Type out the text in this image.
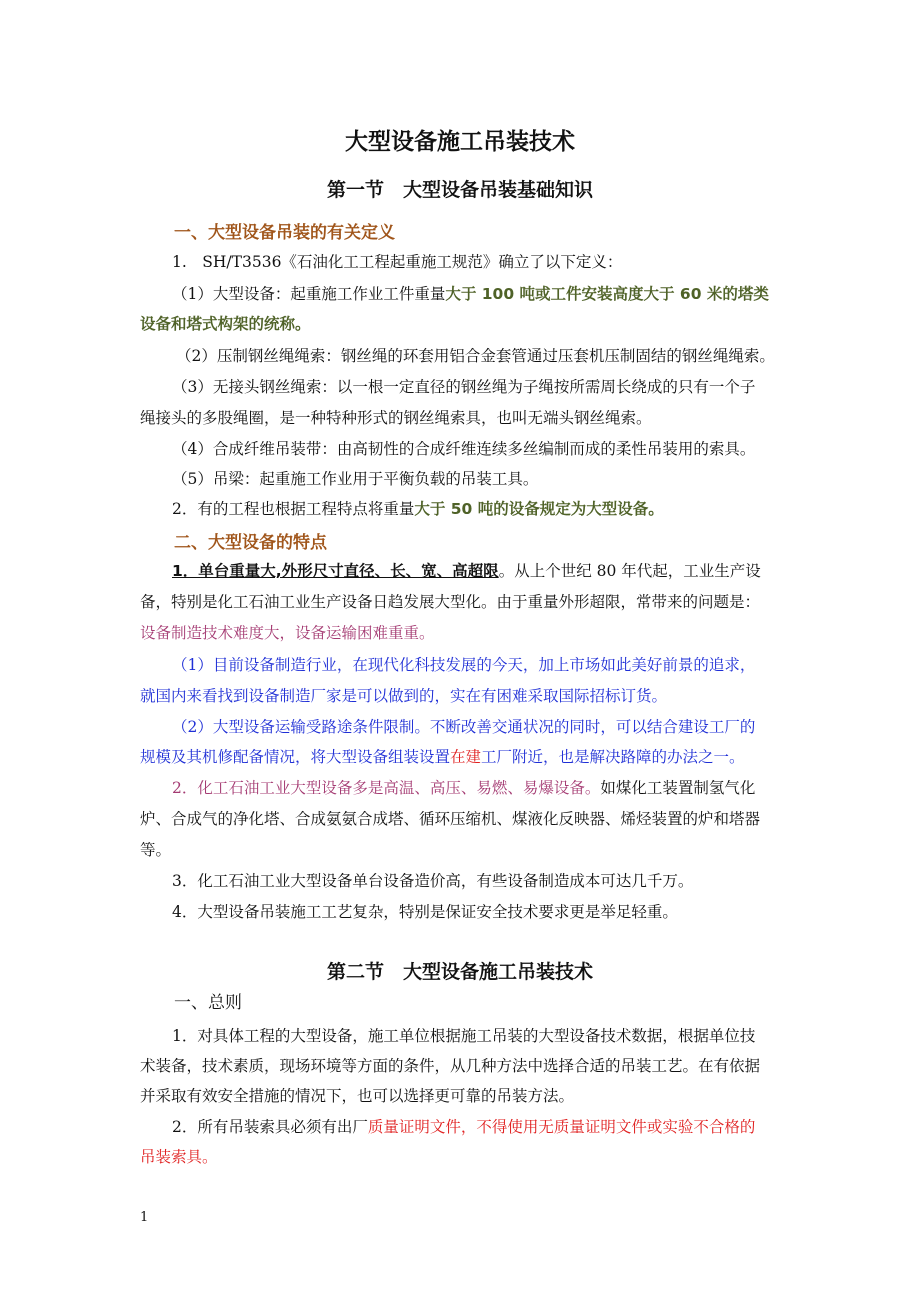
大型设备施工吊装技术
第一节　大型设备吊装基础知识
一、大型设备吊装的有关定义
1.　SH/T3536《石油化工工程起重施工规范》确立了以下定义：
（1）大型设备：起重施工作业工件重量大于 100 吨或工件安装高度大于 60 米的塔类
设备和塔式构架的统称。
（2）压制钢丝绳绳索：钢丝绳的环套用铝合金套管通过压套机压制固结的钢丝绳绳索。
（3）无接头钢丝绳索：以一根一定直径的钢丝绳为子绳按所需周长绕成的只有一个子
绳接头的多股绳圈，是一种特种形式的钢丝绳索具，也叫无端头钢丝绳索。
（4）合成纤维吊装带：由高韧性的合成纤维连续多丝编制而成的柔性吊装用的索具。
（5）吊梁：起重施工作业用于平衡负载的吊装工具。
2．有的工程也根据工程特点将重量大于 50 吨的设备规定为大型设备。
二、大型设备的特点
1．单台重量大,外形尺寸直径、长、宽、高超限。从上个世纪 80 年代起，工业生产设
备，特别是化工石油工业生产设备日趋发展大型化。由于重量外形超限，常带来的问题是：
设备制造技术难度大，设备运输困难重重。
（1）目前设备制造行业，在现代化科技发展的今天，加上市场如此美好前景的追求，
就国内来看找到设备制造厂家是可以做到的，实在有困难采取国际招标订货。
（2）大型设备运输受路途条件限制。不断改善交通状况的同时，可以结合建设工厂的
规模及其机修配备情况，将大型设备组装设置在建工厂附近，也是解决路障的办法之一。
2．化工石油工业大型设备多是高温、高压、易燃、易爆设备。如煤化工装置制氢气化
炉、合成气的净化塔、合成氨氨合成塔、循环压缩机、煤液化反映器、烯烃装置的炉和塔器
等。
3．化工石油工业大型设备单台设备造价高，有些设备制造成本可达几千万。
4．大型设备吊装施工工艺复杂，特别是保证安全技术要求更是举足轻重。
第二节　大型设备施工吊装技术
一、总则
1．对具体工程的大型设备，施工单位根据施工吊装的大型设备技术数据，根据单位技
术装备，技术素质，现场环境等方面的条件，从几种方法中选择合适的吊装工艺。在有依据
并采取有效安全措施的情况下，也可以选择更可靠的吊装方法。
2．所有吊装索具必须有出厂质量证明文件，不得使用无质量证明文件或实验不合格的
吊装索具。
1
